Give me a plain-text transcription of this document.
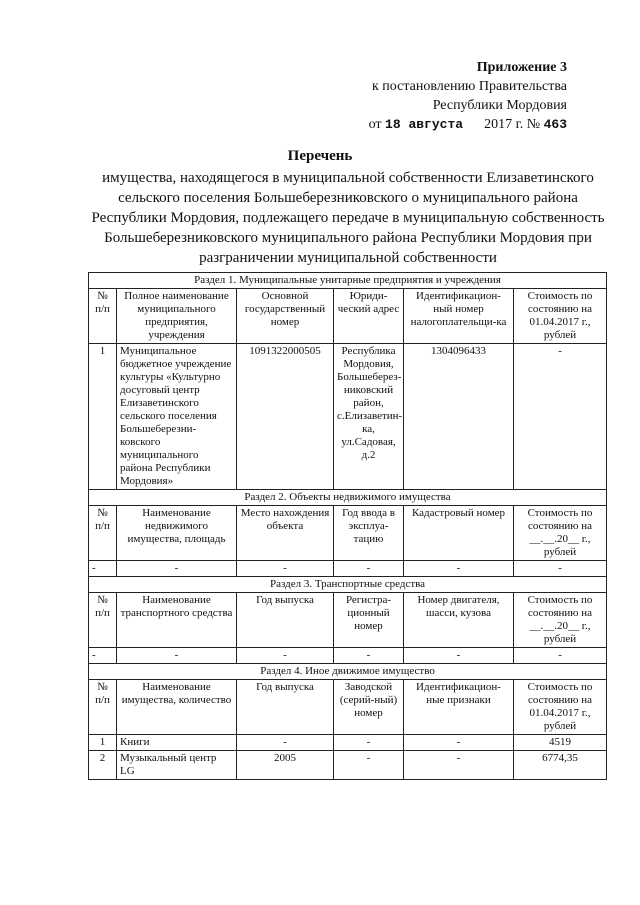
Приложение 3
к постановлению Правительства
Республики Мордовия
от 18 августа 2017 г. № 463
Перечень
имущества, находящегося в муниципальной собственности Елизаветинского сельского поселения Большеберезниковского о муниципального района Республики Мордовия, подлежащего передаче в муниципальную собственность Большеберезниковского муниципального района Республики Мордовия при разграничении муниципальной собственности
Раздел 1. Муниципальные унитарные предприятия и учреждения					
№ п/п	Полное наименование муниципального предприятия, учреждения	Основной государственный номер	Юриди-ческий адрес	Идентификацион-ный номер налогоплательщи-ка	Стоимость по состоянию на 01.04.2017 г., рублей
1	Муниципальное бюджетное учреждение культуры «Культурно досуговый центр Елизаветинского сельского поселения Большеберезни-ковского муниципального района Республики Мордовия»	1091322000505	Республика Мордовия, Большеберез-никовский район, с.Елизаветин-ка, ул.Садовая, д.2	1304096433	-
Раздел 2. Объекты недвижимого имущества					
№ п/п	Наименование недвижимого имущества, площадь	Место нахождения объекта	Год ввода в эксплуа-тацию	Кадастровый номер	Стоимость по состоянию на __.__.20__ г., рублей
-	-	-	-	-	-
Раздел 3. Транспортные средства					
№ п/п	Наименование транспортного средства	Год выпуска	Регистра-ционный номер	Номер двигателя, шасси, кузова	Стоимость по состоянию на __.__.20__ г., рублей
-	-	-	-	-	-
Раздел 4. Иное движимое имущество					
№ п/п	Наименование имущества, количество	Год выпуска	Заводской (серий-ный) номер	Идентификацион-ные признаки	Стоимость по состоянию на 01.04.2017 г., рублей
1	Книги	-	-	-	4519
2	Музыкальный центр LG	2005	-	-	6774,35
